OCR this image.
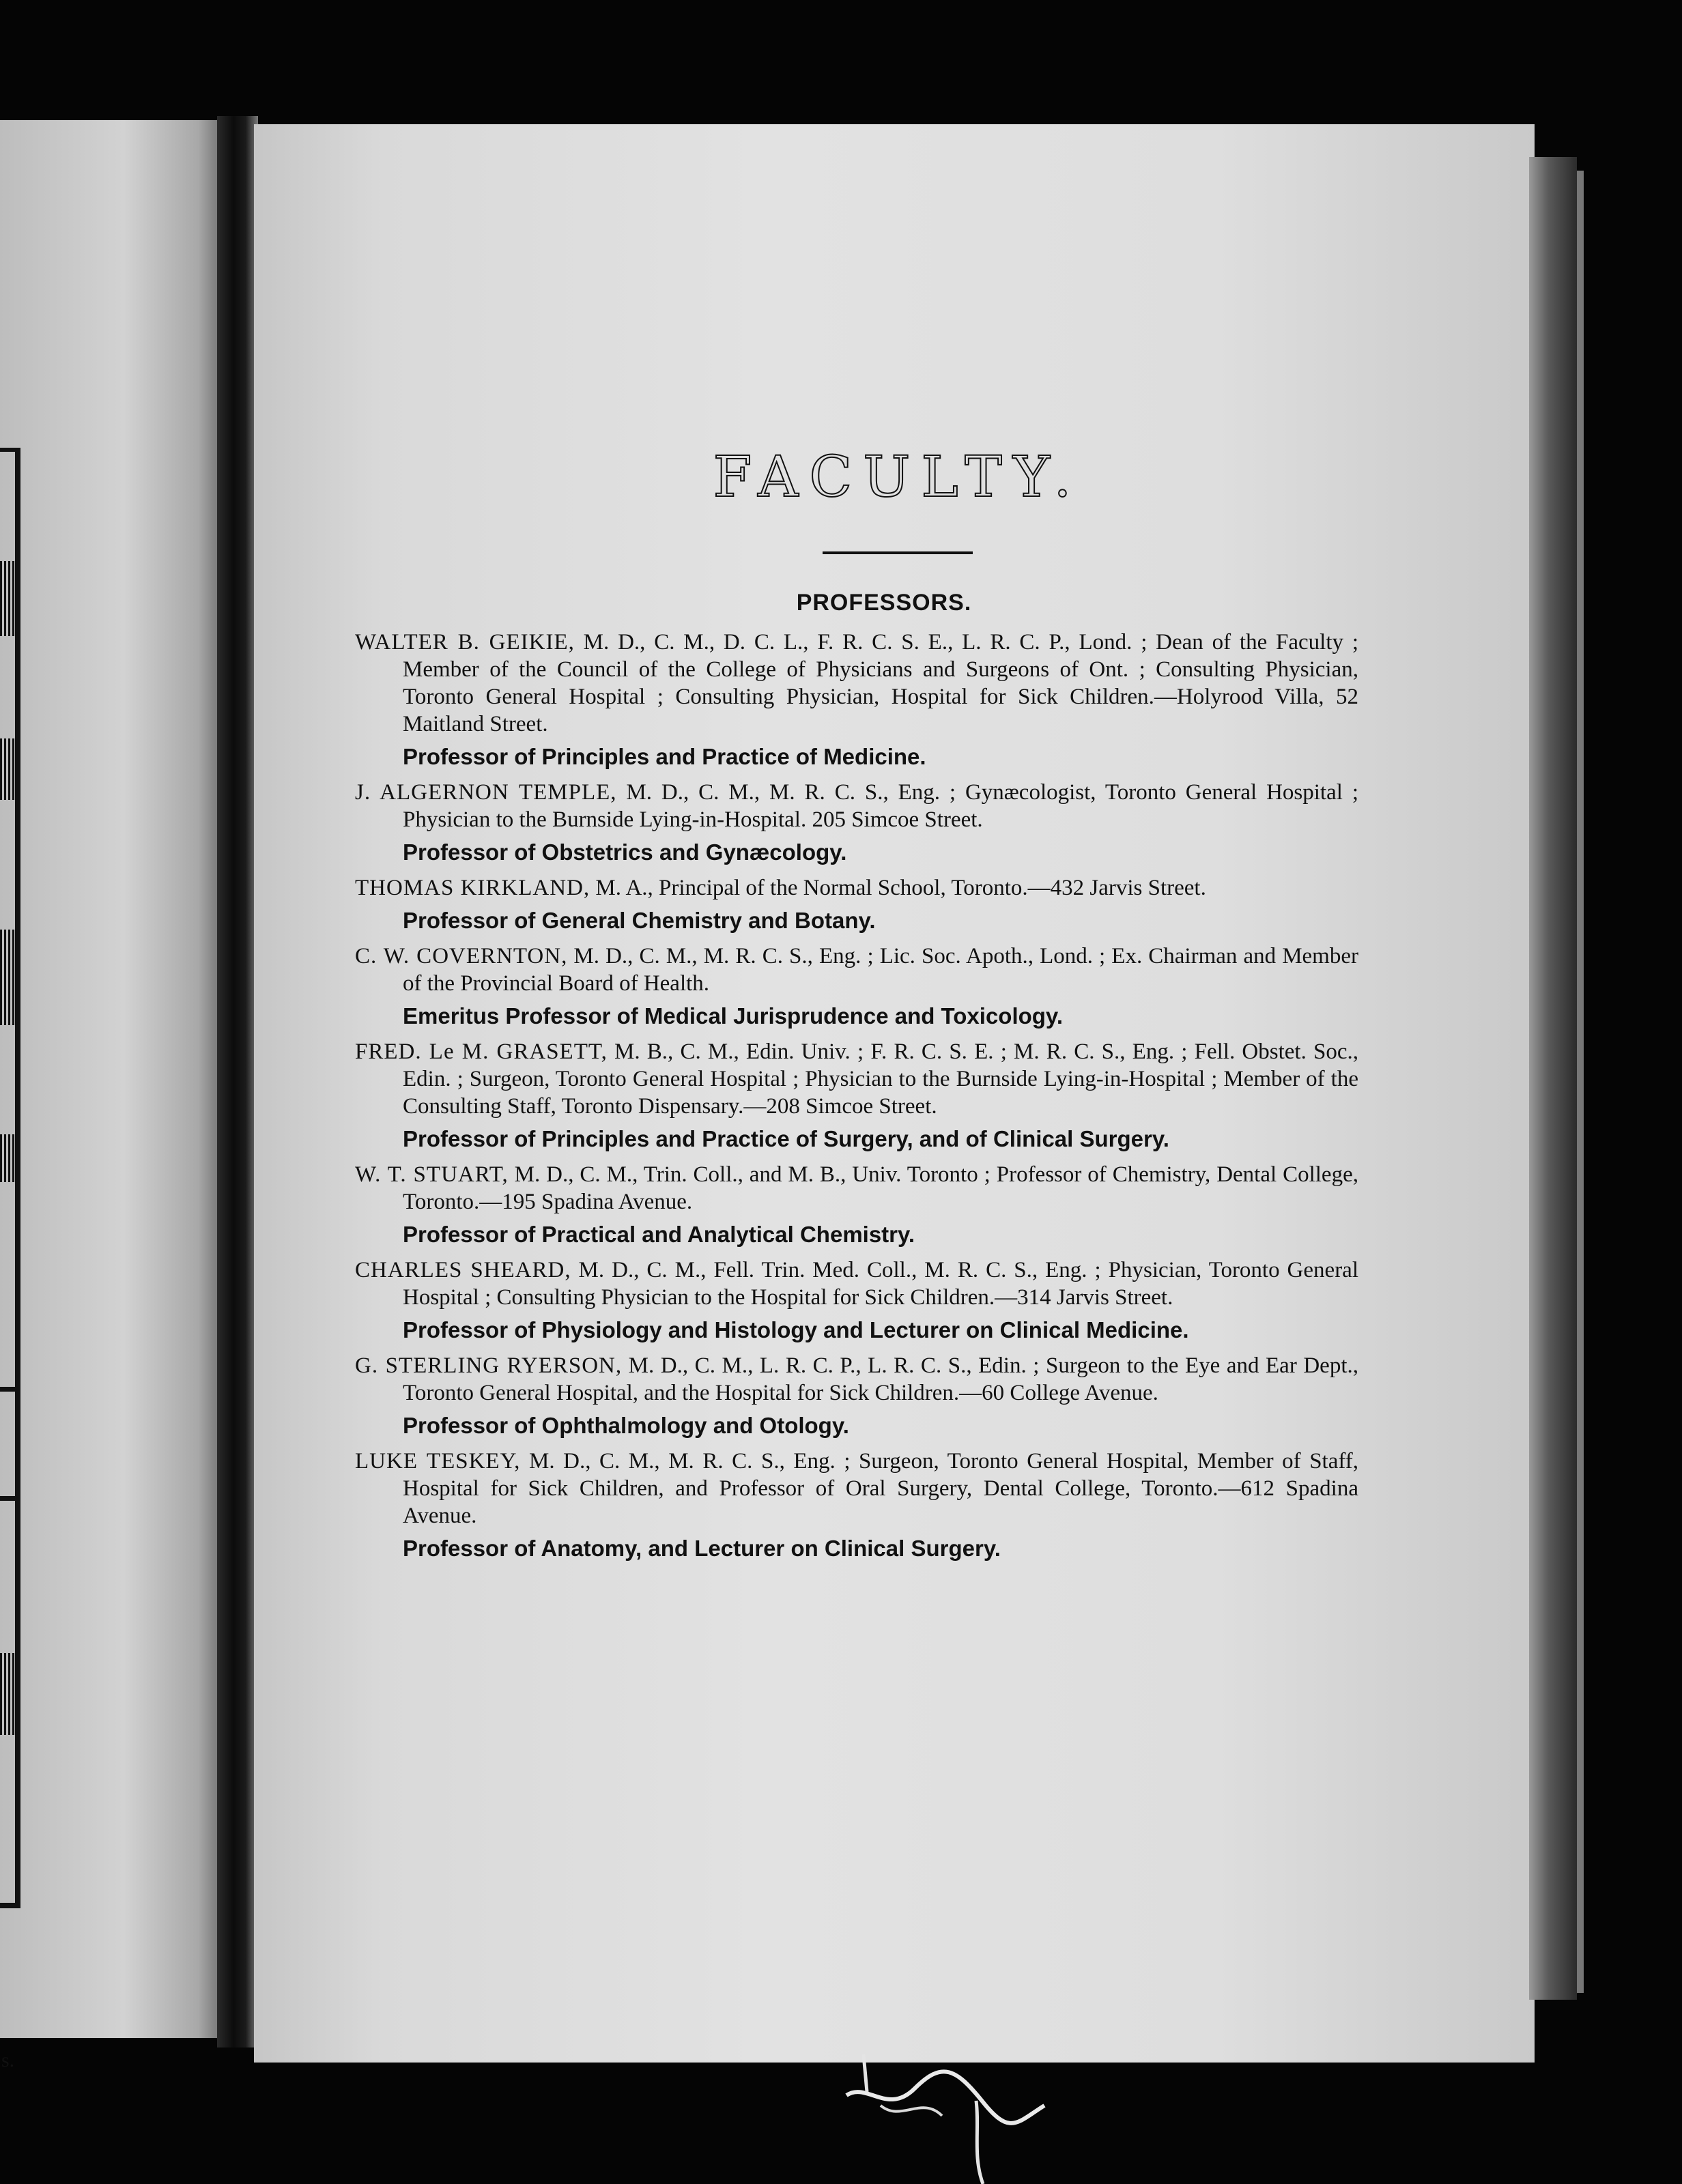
s.
FACULTY.
PROFESSORS.
WALTER B. GEIKIE, M. D., C. M., D. C. L., F. R. C. S. E., L. R. C. P., Lond. ; Dean of the Faculty ; Member of the Council of the College of Physicians and Surgeons of Ont. ; Consulting Physician, Toronto General Hospital ; Consulting Physician, Hospital for Sick Children.—Holyrood Villa, 52 Maitland Street.
Professor of Principles and Practice of Medicine.
J. ALGERNON TEMPLE, M. D., C. M., M. R. C. S., Eng. ; Gynæcologist, Toronto General Hospital ; Physician to the Burnside Lying-in-Hospital. 205 Simcoe Street.
Professor of Obstetrics and Gynæcology.
THOMAS KIRKLAND, M. A., Principal of the Normal School, Toronto.—432 Jarvis Street.
Professor of General Chemistry and Botany.
C. W. COVERNTON, M. D., C. M., M. R. C. S., Eng. ; Lic. Soc. Apoth., Lond. ; Ex. Chairman and Member of the Provincial Board of Health.
Emeritus Professor of Medical Jurisprudence and Toxicology.
FRED. Le M. GRASETT, M. B., C. M., Edin. Univ. ; F. R. C. S. E. ; M. R. C. S., Eng. ; Fell. Obstet. Soc., Edin. ; Surgeon, Toronto General Hospital ; Physician to the Burnside Lying-in-Hospital ; Member of the Consulting Staff, Toronto Dispensary.—208 Simcoe Street.
Professor of Principles and Practice of Surgery, and of Clinical Surgery.
W. T. STUART, M. D., C. M., Trin. Coll., and M. B., Univ. Toronto ; Professor of Chemistry, Dental College, Toronto.—195 Spadina Avenue.
Professor of Practical and Analytical Chemistry.
CHARLES SHEARD, M. D., C. M., Fell. Trin. Med. Coll., M. R. C. S., Eng. ; Physician, Toronto General Hospital ; Consulting Physician to the Hospital for Sick Children.—314 Jarvis Street.
Professor of Physiology and Histology and Lecturer on Clinical Medicine.
G. STERLING RYERSON, M. D., C. M., L. R. C. P., L. R. C. S., Edin. ; Surgeon to the Eye and Ear Dept., Toronto General Hospital, and the Hospital for Sick Children.—60 College Avenue.
Professor of Ophthalmology and Otology.
LUKE TESKEY, M. D., C. M., M. R. C. S., Eng. ; Surgeon, Toronto General Hospital, Member of Staff, Hospital for Sick Children, and Professor of Oral Surgery, Dental College, Toronto.—612 Spadina Avenue.
Professor of Anatomy, and Lecturer on Clinical Surgery.
